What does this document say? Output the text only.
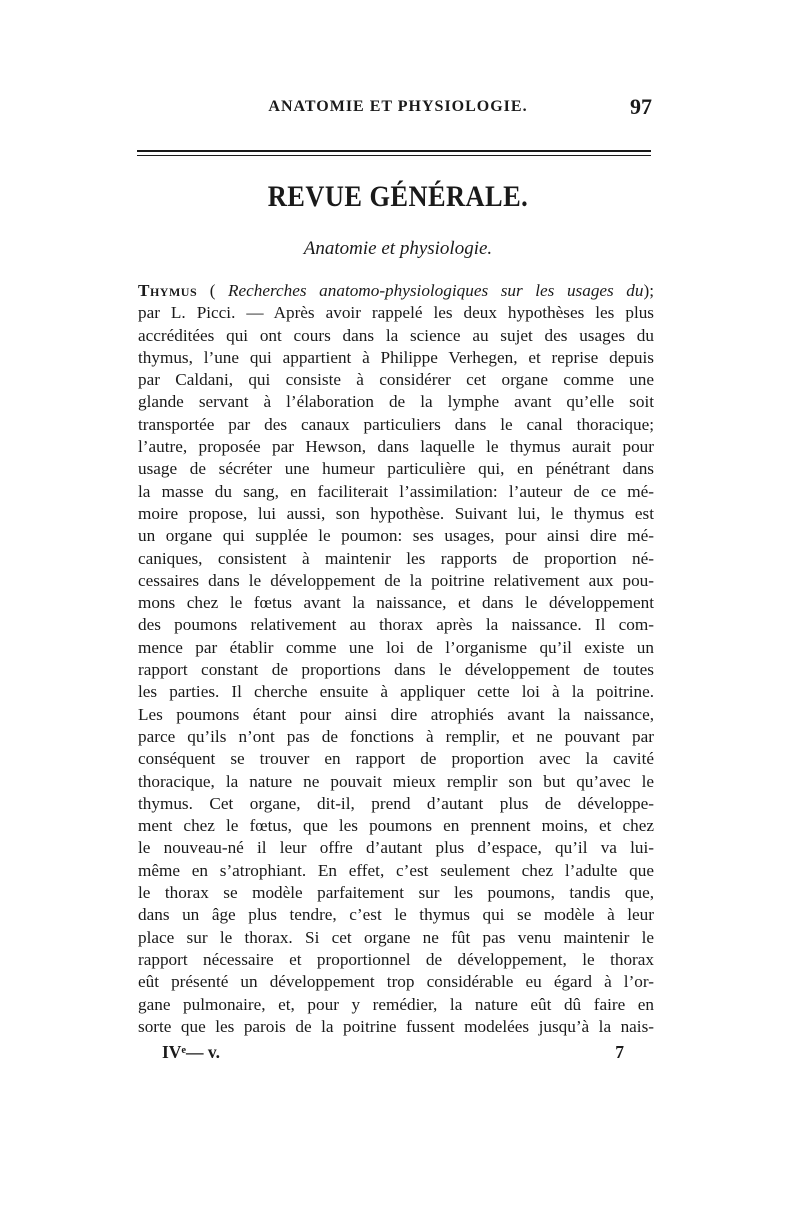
ANATOMIE ET PHYSIOLOGIE.	97
REVUE GÉNÉRALE.
Anatomie et physiologie.
Thymus ( Recherches anatomo-physiologiques sur les usages du);
par L. Picci. — Après avoir rappelé les deux hypothèses les plus
accréditées qui ont cours dans la science au sujet des usages du
thymus, l’une qui appartient à Philippe Verhegen, et reprise depuis
par Caldani, qui consiste à considérer cet organe comme une
glande servant à l’élaboration de la lymphe avant qu’elle soit
transportée par des canaux particuliers dans le canal thoracique;
l’autre, proposée par Hewson, dans laquelle le thymus aurait pour
usage de sécréter une humeur particulière qui, en pénétrant dans
la masse du sang, en faciliterait l’assimilation: l’auteur de ce mé-
moire propose, lui aussi, son hypothèse. Suivant lui, le thymus est
un organe qui supplée le poumon: ses usages, pour ainsi dire mé-
caniques, consistent à maintenir les rapports de proportion né-
cessaires dans le développement de la poitrine relativement aux pou-
mons chez le fœtus avant la naissance, et dans le développement
des poumons relativement au thorax après la naissance. Il com-
mence par établir comme une loi de l’organisme qu’il existe un
rapport constant de proportions dans le développement de toutes
les parties. Il cherche ensuite à appliquer cette loi à la poitrine.
Les poumons étant pour ainsi dire atrophiés avant la naissance,
parce qu’ils n’ont pas de fonctions à remplir, et ne pouvant par
conséquent se trouver en rapport de proportion avec la cavité
thoracique, la nature ne pouvait mieux remplir son but qu’avec le
thymus. Cet organe, dit-il, prend d’autant plus de développe-
ment chez le fœtus, que les poumons en prennent moins, et chez
le nouveau-né il leur offre d’autant plus d’espace, qu’il va lui-
même en s’atrophiant. En effet, c’est seulement chez l’adulte que
le thorax se modèle parfaitement sur les poumons, tandis que,
dans un âge plus tendre, c’est le thymus qui se modèle à leur
place sur le thorax. Si cet organe ne fût pas venu maintenir le
rapport nécessaire et proportionnel de développement, le thorax
eût présenté un développement trop considérable eu égard à l’or-
gane pulmonaire, et, pour y remédier, la nature eût dû faire en
sorte que les parois de la poitrine fussent modelées jusqu’à la nais-
IVᵉ— v.	7
